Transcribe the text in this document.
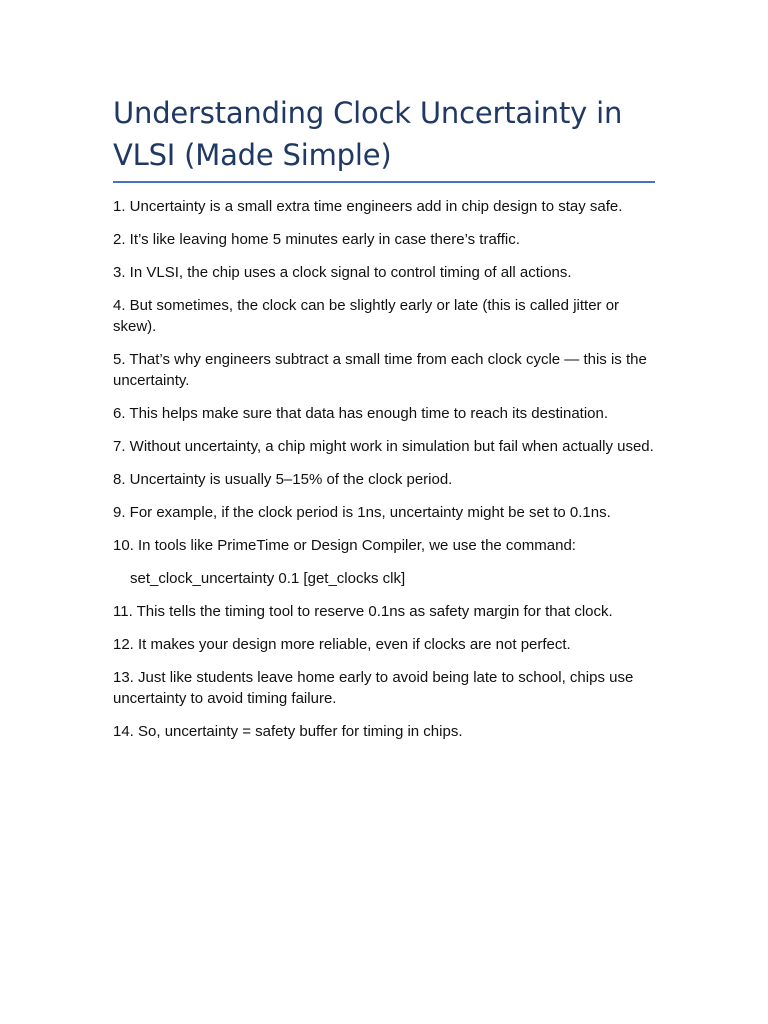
Understanding Clock Uncertainty in VLSI (Made Simple)

1. Uncertainty is a small extra time engineers add in chip design to stay safe.

2. It’s like leaving home 5 minutes early in case there’s traffic.

3. In VLSI, the chip uses a clock signal to control timing of all actions.

4. But sometimes, the clock can be slightly early or late (this is called jitter or skew).

5. That’s why engineers subtract a small time from each clock cycle — this is the uncertainty.

6. This helps make sure that data has enough time to reach its destination.

7. Without uncertainty, a chip might work in simulation but fail when actually used.

8. Uncertainty is usually 5–15% of the clock period.

9. For example, if the clock period is 1ns, uncertainty might be set to 0.1ns.

10. In tools like PrimeTime or Design Compiler, we use the command:

set_clock_uncertainty 0.1 [get_clocks clk]

11. This tells the timing tool to reserve 0.1ns as safety margin for that clock.

12. It makes your design more reliable, even if clocks are not perfect.

13. Just like students leave home early to avoid being late to school, chips use uncertainty to avoid timing failure.

14. So, uncertainty = safety buffer for timing in chips.
